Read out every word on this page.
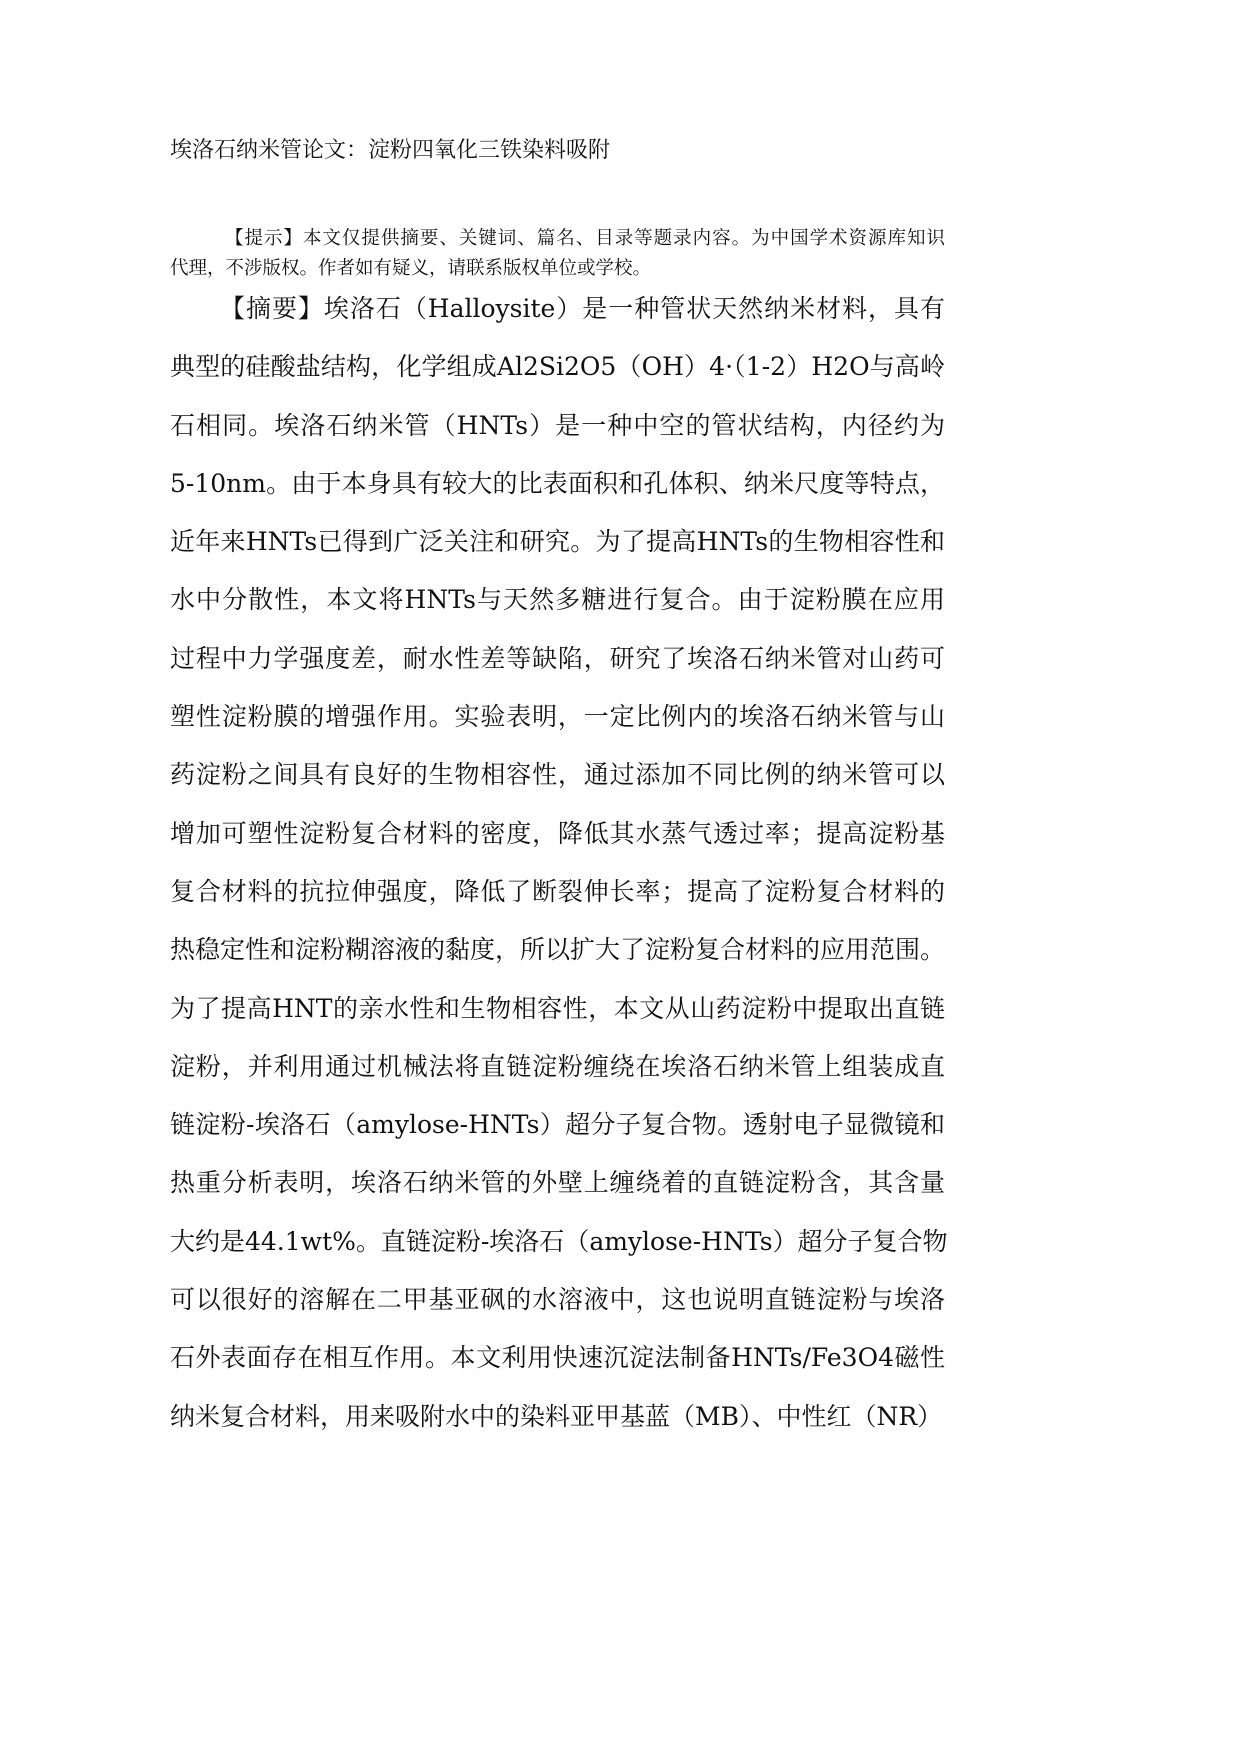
埃洛石纳米管论文：淀粉四氧化三铁染料吸附
【提示】本文仅提供摘要、关键词、篇名、目录等题录内容。为中国学术资源库知识
代理，不涉版权。作者如有疑义，请联系版权单位或学校。
【摘要】埃洛石（Halloysite）是一种管状天然纳米材料，具有
典型的硅酸盐结构，化学组成Al2Si2O5（OH）4·（1-2）H2O与高岭
石相同。埃洛石纳米管（HNTs）是一种中空的管状结构，内径约为
5-10nm。由于本身具有较大的比表面积和孔体积、纳米尺度等特点，
近年来HNTs已得到广泛关注和研究。为了提高HNTs的生物相容性和
水中分散性，本文将HNTs与天然多糖进行复合。由于淀粉膜在应用
过程中力学强度差，耐水性差等缺陷，研究了埃洛石纳米管对山药可
塑性淀粉膜的增强作用。实验表明，一定比例内的埃洛石纳米管与山
药淀粉之间具有良好的生物相容性，通过添加不同比例的纳米管可以
增加可塑性淀粉复合材料的密度，降低其水蒸气透过率；提高淀粉基
复合材料的抗拉伸强度，降低了断裂伸长率；提高了淀粉复合材料的
热稳定性和淀粉糊溶液的黏度，所以扩大了淀粉复合材料的应用范围。
为了提高HNT的亲水性和生物相容性，本文从山药淀粉中提取出直链
淀粉，并利用通过机械法将直链淀粉缠绕在埃洛石纳米管上组装成直
链淀粉-埃洛石（amylose-HNTs）超分子复合物。透射电子显微镜和
热重分析表明，埃洛石纳米管的外壁上缠绕着的直链淀粉含，其含量
大约是44.1wt%。直链淀粉-埃洛石（amylose-HNTs）超分子复合物
可以很好的溶解在二甲基亚砜的水溶液中，这也说明直链淀粉与埃洛
石外表面存在相互作用。本文利用快速沉淀法制备HNTs/Fe3O4磁性
纳米复合材料，用来吸附水中的染料亚甲基蓝（MB）、中性红（NR）
